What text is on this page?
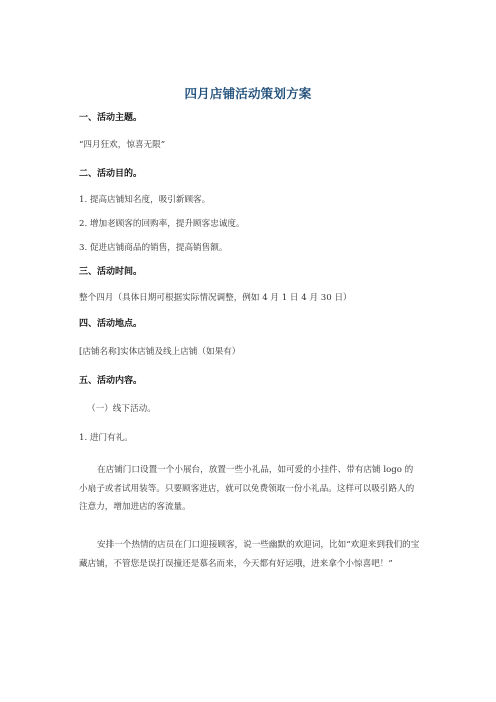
四月店铺活动策划方案
一、活动主题。
“四月狂欢，惊喜无限”
二、活动目的。
1. 提高店铺知名度，吸引新顾客。
2. 增加老顾客的回购率，提升顾客忠诚度。
3. 促进店铺商品的销售，提高销售额。
三、活动时间。
整个四月（具体日期可根据实际情况调整，例如 4 月 1 日 4 月 30 日）
四、活动地点。
[店铺名称]实体店铺及线上店铺（如果有）
五、活动内容。
（一）线下活动。
1. 进门有礼。
在店铺门口设置一个小展台，放置一些小礼品，如可爱的小挂件、带有店铺 logo 的小扇子或者试用装等。只要顾客进店，就可以免费领取一份小礼品。这样可以吸引路人的注意力，增加进店的客流量。
安排一个热情的店员在门口迎接顾客，说一些幽默的欢迎词，比如“欢迎来到我们的宝藏店铺，不管您是误打误撞还是慕名而来，今天都有好运哦，进来拿个小惊喜吧！”
